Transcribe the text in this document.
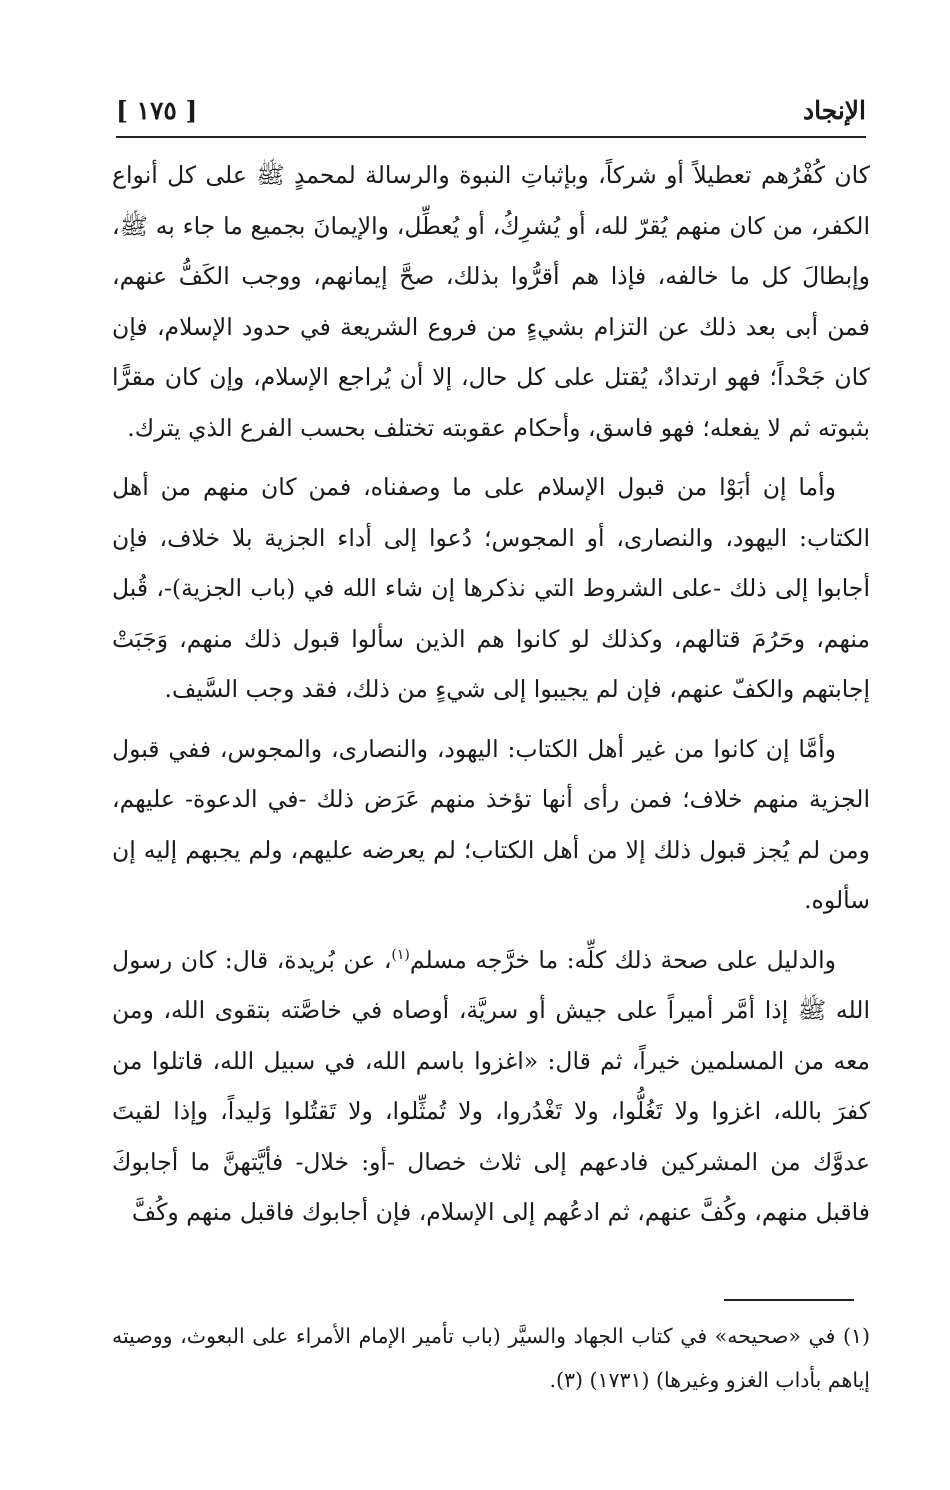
الإنجاد
[ ١٧٥ ]

كان كُفْرُهم تعطيلاً أو شركاً، وبإثباتِ النبوة والرسالة لمحمدٍ ﷺ على كل أنواع الكفر، من كان منهم يُقرّ لله، أو يُشرِكُ، أو يُعطِّل، والإيمانَ بجميع ما جاء به ﷺ، وإبطالَ كل ما خالفه، فإذا هم أقرُّوا بذلك، صحَّ إيمانهم، ووجب الكَفُّ عنهم، فمن أبى بعد ذلك عن التزام بشيءٍ من فروع الشريعة في حدود الإسلام، فإن كان جَحْداً؛ فهو ارتدادٌ، يُقتل على كل حال، إلا أن يُراجع الإسلام، وإن كان مقرًّا بثبوته ثم لا يفعله؛ فهو فاسق، وأحكام عقوبته تختلف بحسب الفرع الذي يترك.

وأما إن أبَوْا من قبول الإسلام على ما وصفناه، فمن كان منهم من أهل الكتاب: اليهود، والنصارى، أو المجوس؛ دُعوا إلى أداء الجزية بلا خلاف، فإن أجابوا إلى ذلك -على الشروط التي نذكرها إن شاء الله في (باب الجزية)-، قُبل منهم، وحَرُمَ قتالهم، وكذلك لو كانوا هم الذين سألوا قبول ذلك منهم، وَجَبَتْ إجابتهم والكفّ عنهم، فإن لم يجيبوا إلى شيءٍ من ذلك، فقد وجب السَّيف.

وأمَّا إن كانوا من غير أهل الكتاب: اليهود، والنصارى، والمجوس، ففي قبول الجزية منهم خلاف؛ فمن رأى أنها تؤخذ منهم عَرَض ذلك -في الدعوة- عليهم، ومن لم يُجز قبول ذلك إلا من أهل الكتاب؛ لم يعرضه عليهم، ولم يجبهم إليه إن سألوه.

والدليل على صحة ذلك كلِّه: ما خرَّجه مسلم$^{(١)}$، عن بُريدة، قال: كان رسول الله ﷺ إذا أمَّر أميراً على جيش أو سريَّة، أوصاه في خاصَّته بتقوى الله، ومن معه من المسلمين خيراً، ثم قال: «اغزوا باسم الله، في سبيل الله، قاتلوا من كفرَ بالله، اغزوا ولا تَغُلُّوا، ولا تَغْدُروا، ولا تُمثِّلوا، ولا تَقتُلوا وَليداً، وإذا لقيتَ عدوَّك من المشركين فادعهم إلى ثلاث خصال -أو: خلال- فأيَّتهنَّ ما أجابوكَ فاقبل منهم، وكُفَّ عنهم، ثم ادعُهم إلى الإسلام، فإن أجابوك فاقبل منهم وكُفَّ

(١) في «صحيحه» في كتاب الجهاد والسيَّر (باب تأمير الإمام الأمراء على البعوث، ووصيته إياهم بأداب الغزو وغيرها) (١٧٣١) (٣).
